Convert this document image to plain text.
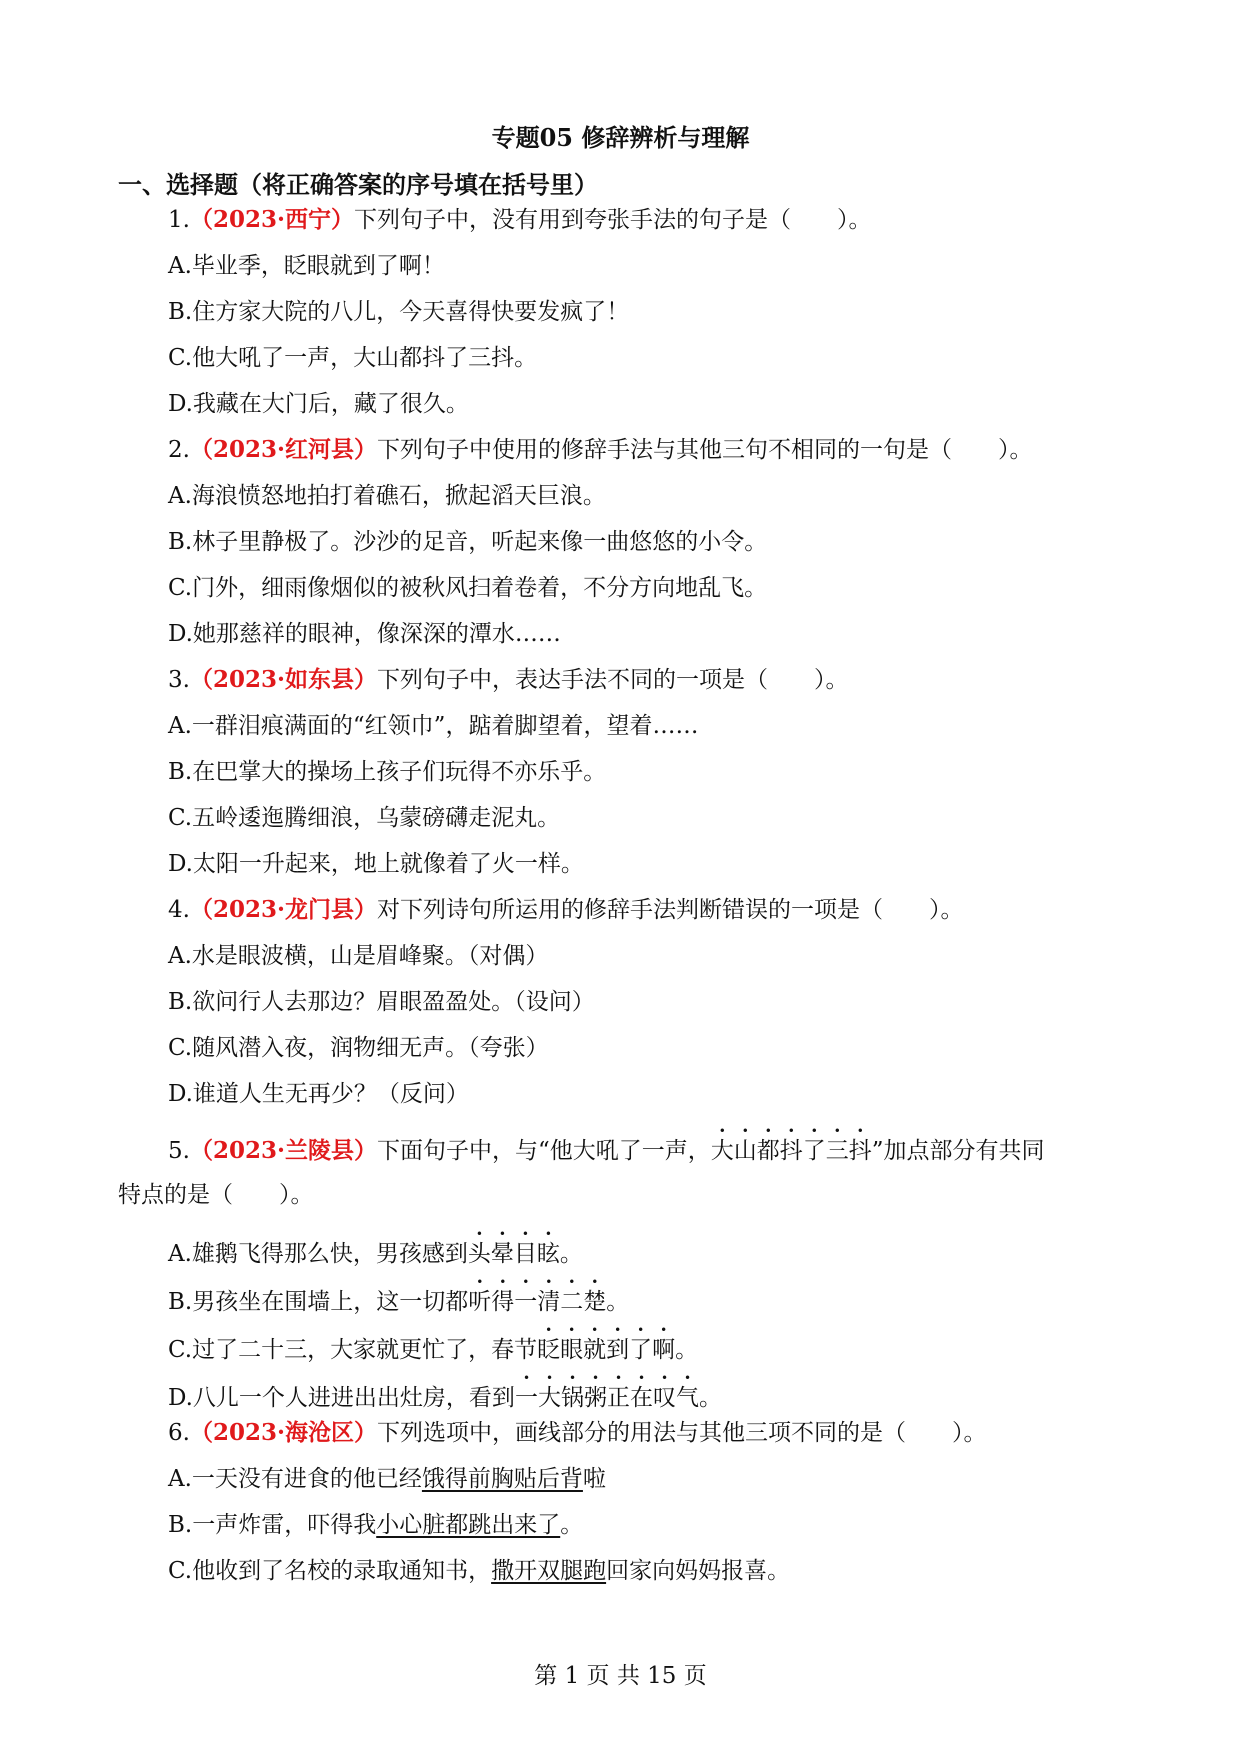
专题05 修辞辨析与理解
一、选择题（将正确答案的序号填在括号里）
1.（2023·西宁）下列句子中，没有用到夸张手法的句子是（　　）。
A.毕业季，眨眼就到了啊！
B.住方家大院的八儿，今天喜得快要发疯了！
C.他大吼了一声，大山都抖了三抖。
D.我藏在大门后，藏了很久。
2.（2023·红河县）下列句子中使用的修辞手法与其他三句不相同的一句是（　　）。
A.海浪愤怒地拍打着礁石，掀起滔天巨浪。
B.林子里静极了。沙沙的足音，听起来像一曲悠悠的小令。
C.门外，细雨像烟似的被秋风扫着卷着，不分方向地乱飞。
D.她那慈祥的眼神，像深深的潭水……
3.（2023·如东县）下列句子中，表达手法不同的一项是（　　）。
A.一群泪痕满面的“红领巾”，踮着脚望着，望着……
B.在巴掌大的操场上孩子们玩得不亦乐乎。
C.五岭逶迤腾细浪，乌蒙磅礴走泥丸。
D.太阳一升起来，地上就像着了火一样。
4.（2023·龙门县）对下列诗句所运用的修辞手法判断错误的一项是（　　）。
A.水是眼波横，山是眉峰聚。（对偶）
B.欲问行人去那边？眉眼盈盈处。（设问）
C.随风潜入夜，润物细无声。（夸张）
D.谁道人生无再少？（反问）
5.（2023·兰陵县）下面句子中，与“他大吼了一声，大山都抖了三抖”加点部分有共同
特点的是（　　）。
A.雄鹅飞得那么快，男孩感到头晕目眩。
B.男孩坐在围墙上，这一切都听得一清二楚。
C.过了二十三，大家就更忙了，春节眨眼就到了啊。
D.八儿一个人进进出出灶房，看到一大锅粥正在叹气。
6.（2023·海沧区）下列选项中，画线部分的用法与其他三项不同的是（　　）。
A.一天没有进食的他已经饿得前胸贴后背啦
B.一声炸雷，吓得我小心脏都跳出来了。
C.他收到了名校的录取通知书，撒开双腿跑回家向妈妈报喜。
第 1 页 共 15 页
